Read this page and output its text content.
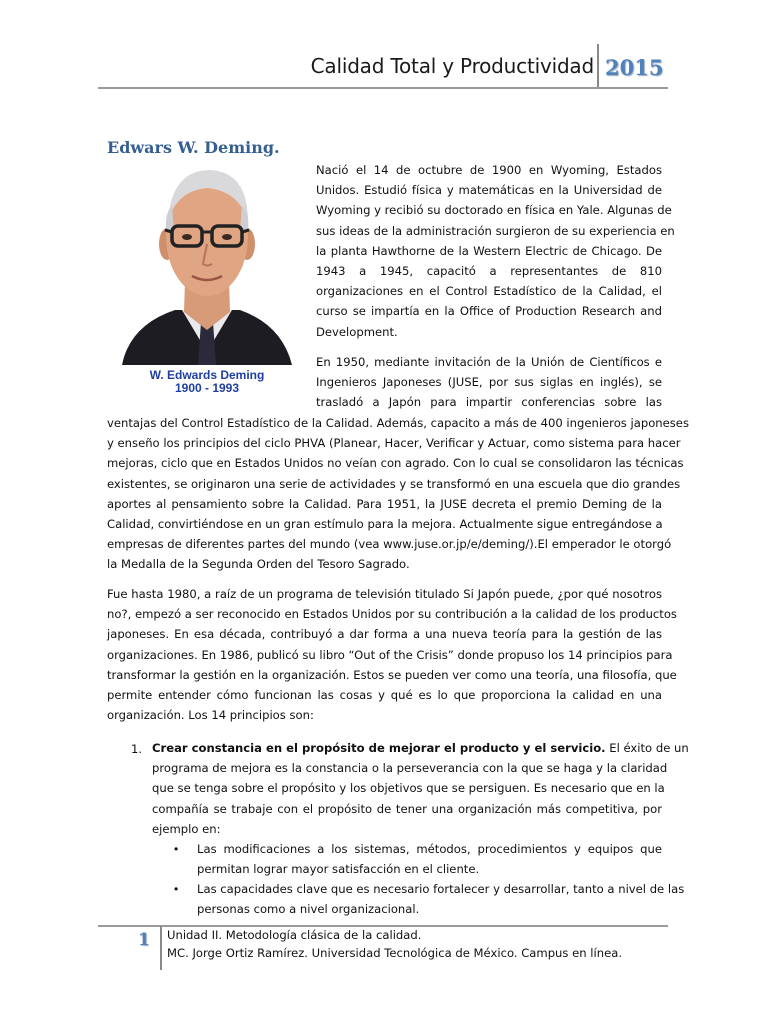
Calidad Total y Productividad 2015
Edwars W. Deming.
W. Edwards Deming
1900 - 1993
Nació el 14 de octubre de 1900 en Wyoming, Estados
Unidos. Estudió física y matemáticas en la Universidad de
Wyoming y recibió su doctorado en física en Yale. Algunas de
sus ideas de la administración surgieron de su experiencia en
la planta Hawthorne de la Western Electric de Chicago. De
1943 a 1945, capacitó a representantes de 810
organizaciones en el Control Estadístico de la Calidad, el
curso se impartía en la Office of Production Research and
Development.
En 1950, mediante invitación de la Unión de Científicos e
Ingenieros Japoneses (JUSE, por sus siglas en inglés), se
trasladó a Japón para impartir conferencias sobre las
ventajas del Control Estadístico de la Calidad. Además, capacito a más de 400 ingenieros japoneses
y enseño los principios del ciclo PHVA (Planear, Hacer, Verificar y Actuar, como sistema para hacer
mejoras, ciclo que en Estados Unidos no veían con agrado. Con lo cual se consolidaron las técnicas
existentes, se originaron una serie de actividades y se transformó en una escuela que dio grandes
aportes al pensamiento sobre la Calidad. Para 1951, la JUSE decreta el premio Deming de la
Calidad, convirtiéndose en un gran estímulo para la mejora. Actualmente sigue entregándose a
empresas de diferentes partes del mundo (vea www.juse.or.jp/e/deming/).El emperador le otorgó
la Medalla de la Segunda Orden del Tesoro Sagrado.
Fue hasta 1980, a raíz de un programa de televisión titulado Si Japón puede, ¿por qué nosotros
no?, empezó a ser reconocido en Estados Unidos por su contribución a la calidad de los productos
japoneses. En esa década, contribuyó a dar forma a una nueva teoría para la gestión de las
organizaciones. En 1986, publicó su libro “Out of the Crisis” donde propuso los 14 principios para
transformar la gestión en la organización. Estos se pueden ver como una teoría, una filosofía, que
permite entender cómo funcionan las cosas y qué es lo que proporciona la calidad en una
organización. Los 14 principios son:
1. Crear constancia en el propósito de mejorar el producto y el servicio. El éxito de un
programa de mejora es la constancia o la perseverancia con la que se haga y la claridad
que se tenga sobre el propósito y los objetivos que se persiguen. Es necesario que en la
compañía se trabaje con el propósito de tener una organización más competitiva, por
ejemplo en:
• Las modificaciones a los sistemas, métodos, procedimientos y equipos que
permitan lograr mayor satisfacción en el cliente.
• Las capacidades clave que es necesario fortalecer y desarrollar, tanto a nivel de las
personas como a nivel organizacional.
1 Unidad II. Metodología clásica de la calidad.
MC. Jorge Ortiz Ramírez. Universidad Tecnológica de México. Campus en línea.
